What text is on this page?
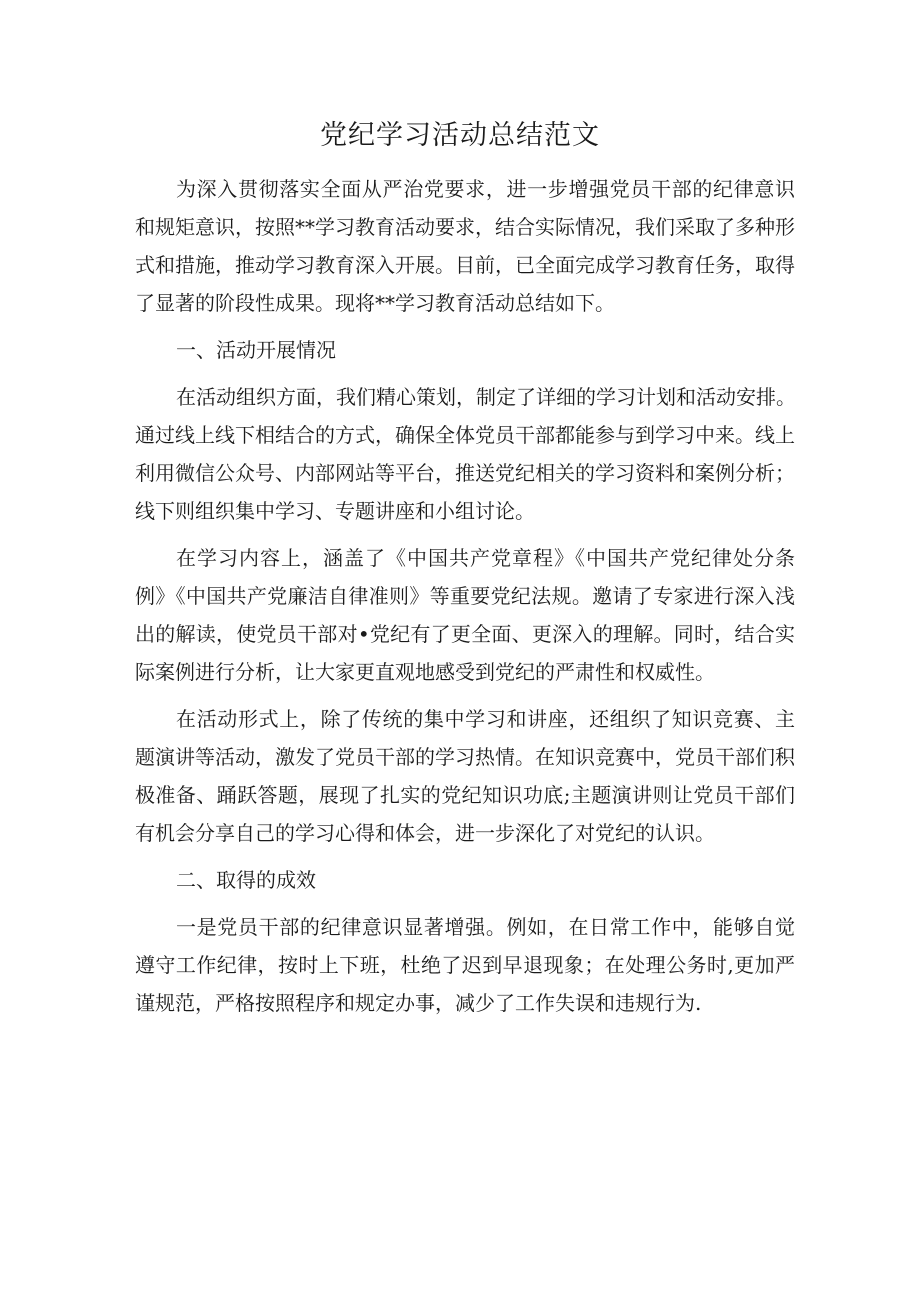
党纪学习活动总结范文
为深入贯彻落实全面从严治党要求，进一步增强党员干部的纪律意识
和规矩意识，按照**学习教育活动要求，结合实际情况，我们采取了多种形
式和措施，推动学习教育深入开展。目前，已全面完成学习教育任务，取得
了显著的阶段性成果。现将**学习教育活动总结如下。
一、活动开展情况
在活动组织方面，我们精心策划，制定了详细的学习计划和活动安排。
通过线上线下相结合的方式，确保全体党员干部都能参与到学习中来。线上
利用微信公众号、内部网站等平台，推送党纪相关的学习资料和案例分析；
线下则组织集中学习、专题讲座和小组讨论。
在学习内容上，涵盖了《中国共产党章程》《中国共产党纪律处分条
例》《中国共产党廉洁自律准则》等重要党纪法规。邀请了专家进行深入浅
出的解读，使党员干部对•党纪有了更全面、更深入的理解。同时，结合实
际案例进行分析，让大家更直观地感受到党纪的严肃性和权威性。
在活动形式上，除了传统的集中学习和讲座，还组织了知识竞赛、主
题演讲等活动，激发了党员干部的学习热情。在知识竞赛中，党员干部们积
极准备、踊跃答题，展现了扎实的党纪知识功底;主题演讲则让党员干部们
有机会分享自己的学习心得和体会，进一步深化了对党纪的认识。
二、取得的成效
一是党员干部的纪律意识显著增强。例如，在日常工作中，能够自觉
遵守工作纪律，按时上下班，杜绝了迟到早退现象；在处理公务时,更加严
谨规范，严格按照程序和规定办事，减少了工作失误和违规行为.
